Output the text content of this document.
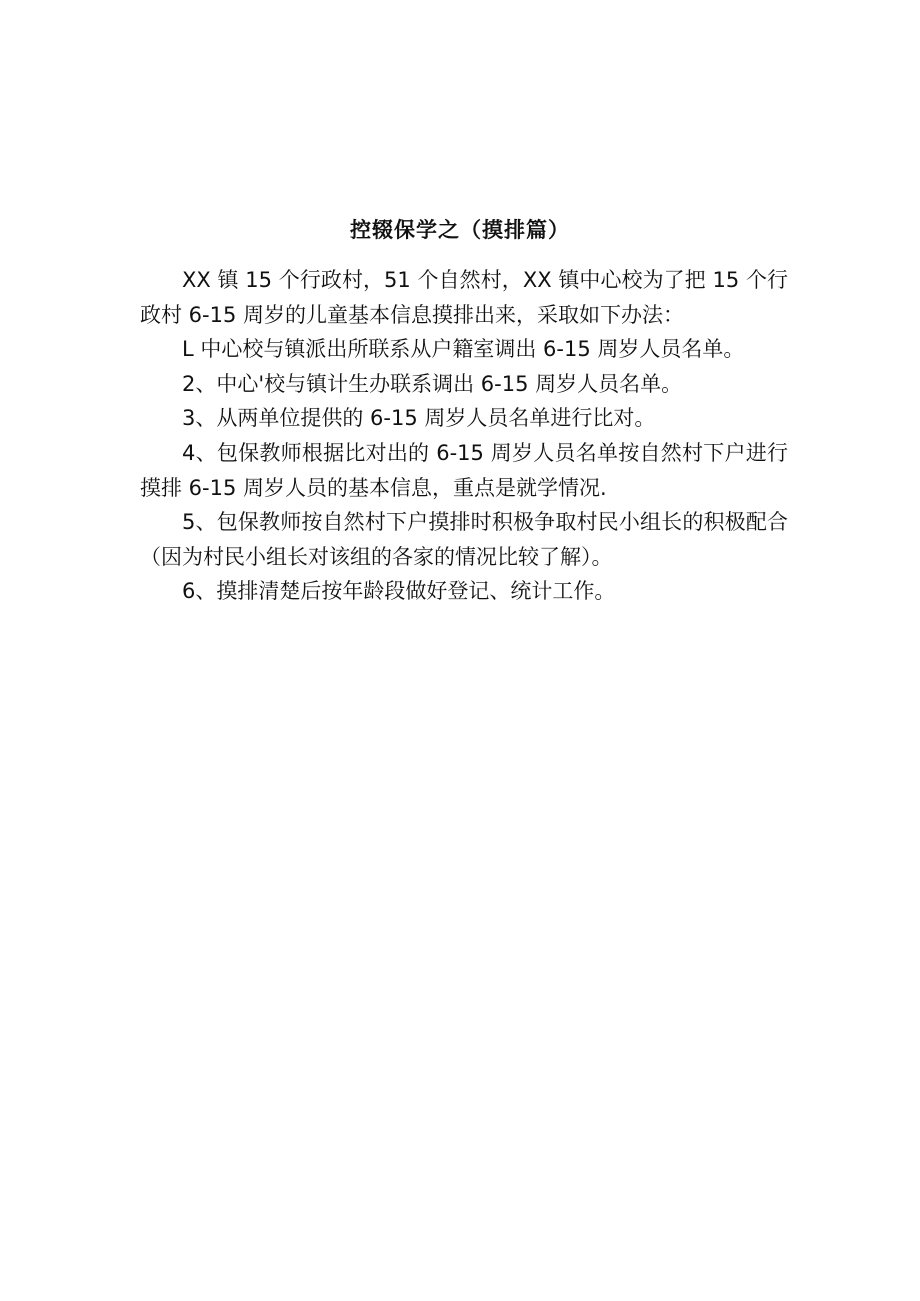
控辍保学之（摸排篇）

XX 镇 15 个行政村，51 个自然村，XX 镇中心校为了把 15 个行政村 6-15 周岁的儿童基本信息摸排出来，采取如下办法：

L 中心校与镇派出所联系从户籍室调出 6-15 周岁人员名单。

2、中心'校与镇计生办联系调出 6-15 周岁人员名单。

3、从两单位提供的 6-15 周岁人员名单进行比对。

4、包保教师根据比对出的 6-15 周岁人员名单按自然村下户进行摸排 6-15 周岁人员的基本信息，重点是就学情况.

5、包保教师按自然村下户摸排时积极争取村民小组长的积极配合（因为村民小组长对该组的各家的情况比较了解）。

6、摸排清楚后按年龄段做好登记、统计工作。
